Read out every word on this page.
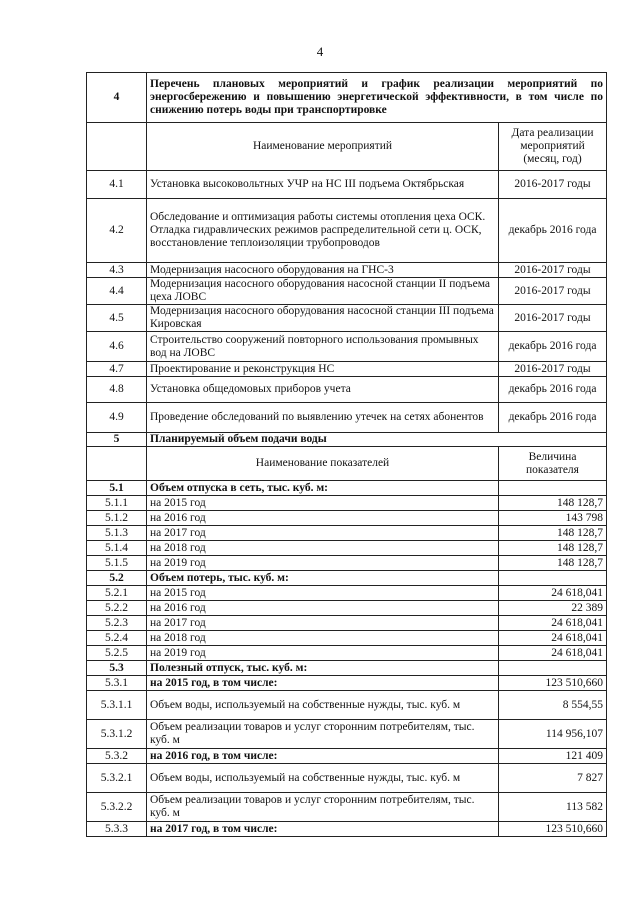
4
4	Перечень плановых мероприятий и график реализации мероприятий по энергосбережению и повышению энергетической эффективности, в том числе по снижению потерь воды при транспортировке	
	Наименование мероприятий	Дата реализации мероприятий (месяц, год)
4.1	Установка высоковольтных УЧР на НС III подъема Октябрьская	2016-2017 годы
4.2	Обследование и оптимизация работы системы отопления цеха ОСК. Отладка гидравлических режимов распределительной сети ц. ОСК, восстановление теплоизоляции трубопроводов	декабрь 2016 года
4.3	Модернизация насосного оборудования на ГНС-3	2016-2017 годы
4.4	Модернизация насосного оборудования насосной станции II подъема цеха ЛОВС	2016-2017 годы
4.5	Модернизация насосного оборудования насосной станции III подъема Кировская	2016-2017 годы
4.6	Строительство сооружений повторного использования промывных вод на ЛОВС	декабрь 2016 года
4.7	Проектирование и реконструкция НС	2016-2017 годы
4.8	Установка общедомовых приборов учета	декабрь 2016 года
4.9	Проведение обследований по выявлению утечек на сетях абонентов	декабрь 2016 года
5	Планируемый объем подачи воды	
	Наименование показателей	Величина показателя
5.1	Объем отпуска в сеть, тыс. куб. м:	
5.1.1	на 2015 год	148 128,7
5.1.2	на 2016 год	143 798
5.1.3	на 2017 год	148 128,7
5.1.4	на 2018 год	148 128,7
5.1.5	на 2019 год	148 128,7
5.2	Объем потерь, тыс. куб. м:	
5.2.1	на 2015 год	24 618,041
5.2.2	на 2016 год	22 389
5.2.3	на 2017 год	24 618,041
5.2.4	на 2018 год	24 618,041
5.2.5	на 2019 год	24 618,041
5.3	Полезный отпуск, тыс. куб. м:	
5.3.1	на 2015 год, в том числе:	123 510,660
5.3.1.1	Объем воды, используемый на собственные нужды, тыс. куб. м	8 554,55
5.3.1.2	Объем реализации товаров и услуг сторонним потребителям, тыс. куб. м	114 956,107
5.3.2	на 2016 год, в том числе:	121 409
5.3.2.1	Объем воды, используемый на собственные нужды, тыс. куб. м	7 827
5.3.2.2	Объем реализации товаров и услуг сторонним потребителям, тыс. куб. м	113 582
5.3.3	на 2017 год, в том числе:	123 510,660
